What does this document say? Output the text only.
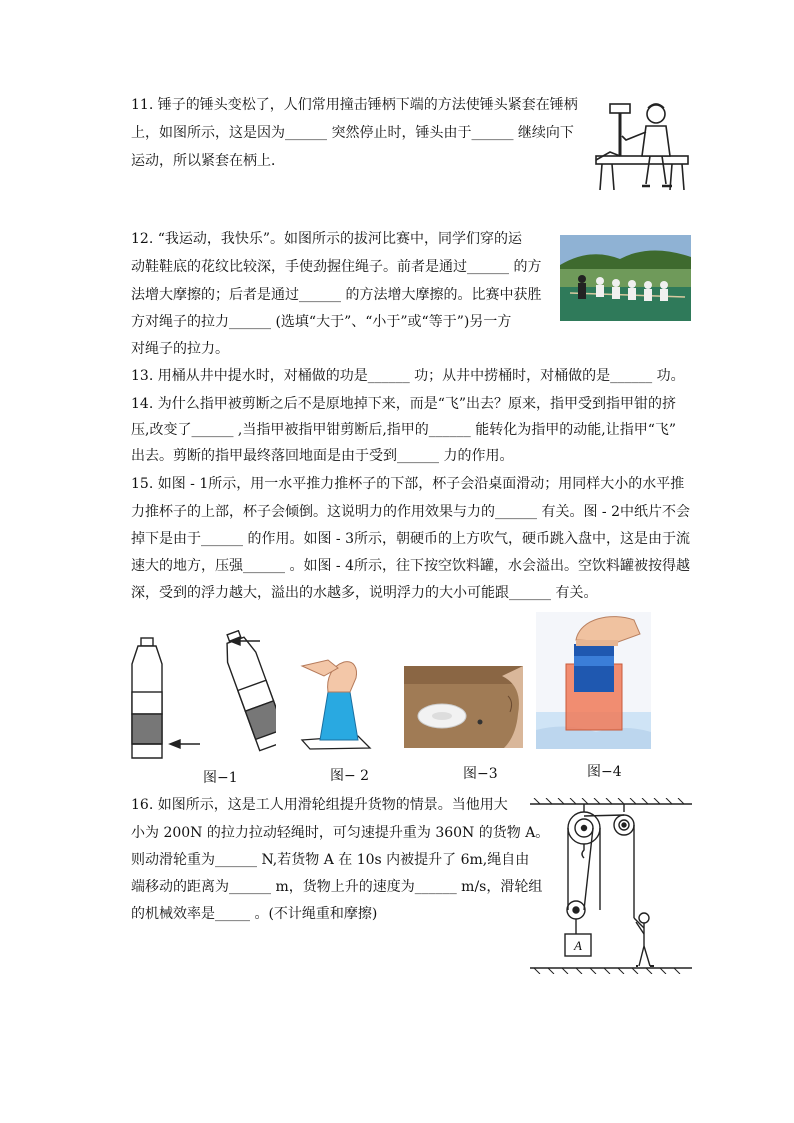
11. 锤子的锤头变松了，人们常用撞击锤柄下端的方法使锤头紧套在锤柄
上，如图所示，这是因为______ 突然停止时，锤头由于______ 继续向下
运动，所以紧套在柄上．
12. “我运动，我快乐”。如图所示的拔河比赛中，同学们穿的运
动鞋鞋底的花纹比较深，手使劲握住绳子。前者是通过______ 的方
法增大摩擦的；后者是通过______ 的方法增大摩擦的。比赛中获胜
方对绳子的拉力______ (选填“大于”、“小于”或“等于”)另一方
对绳子的拉力。
13. 用桶从井中提水时，对桶做的功是______ 功；从井中捞桶时，对桶做的是______ 功。
14. 为什么指甲被剪断之后不是原地掉下来，而是“飞”出去？原来，指甲受到指甲钳的挤
压,改变了______ ,当指甲被指甲钳剪断后,指甲的______ 能转化为指甲的动能,让指甲“飞”
出去。剪断的指甲最终落回地面是由于受到______ 力的作用。
15. 如图 - 1所示，用一水平推力推杯子的下部，杯子会沿桌面滑动；用同样大小的水平推
力推杯子的上部，杯子会倾倒。这说明力的作用效果与力的______ 有关。图 - 2中纸片不会
掉下是由于______ 的作用。如图 - 3所示，朝硬币的上方吹气，硬币跳入盘中，这是由于流
速大的地方，压强______ 。如图 - 4所示，往下按空饮料罐，水会溢出。空饮料罐被按得越
深，受到的浮力越大，溢出的水越多，说明浮力的大小可能跟______ 有关。
图−1	图− 2	图−3	图−4
16. 如图所示，这是工人用滑轮组提升货物的情景。当他用大
小为 200N 的拉力拉动轻绳时，可匀速提升重为 360N 的货物 A。
则动滑轮重为______ N,若货物 A 在 10s 内被提升了 6m,绳自由
端移动的距离为______ m，货物上升的速度为______ m/s，滑轮组
的机械效率是_____ 。(不计绳重和摩擦)
A
